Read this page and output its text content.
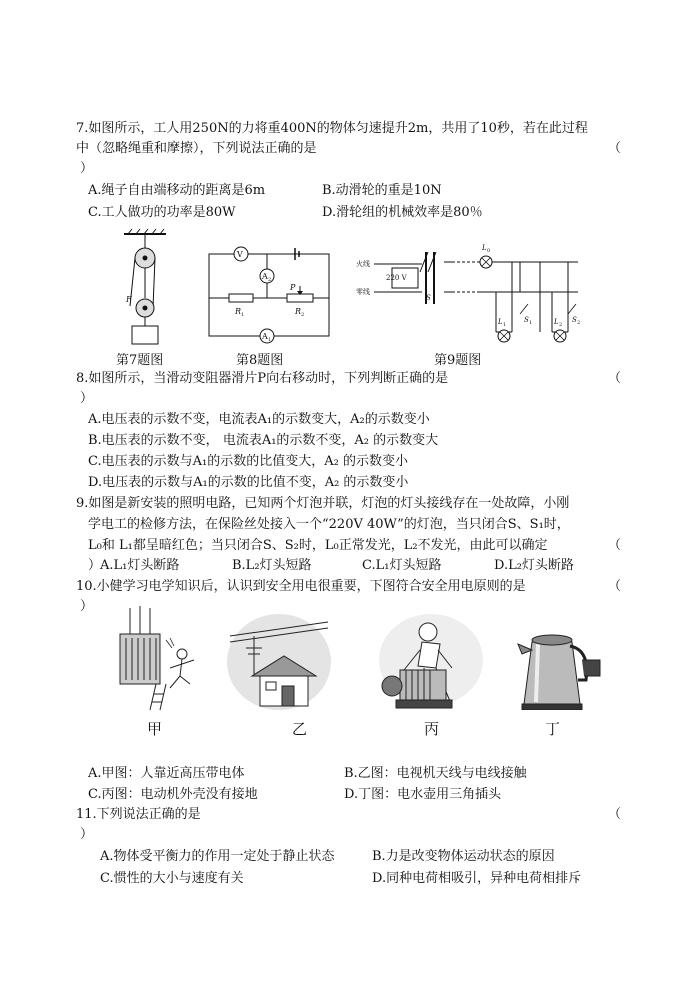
7.如图所示，工人用250N的力将重400N的物体匀速提升2m，共用了10秒，若在此过程
中（忽略绳重和摩擦），下列说法正确的是	（
）
A.绳子自由端移动的距离是6m	B.动滑轮的重是10N
C.工人做功的功率是80W	D.滑轮组的机械效率是80％
F
第7题图
V
A 2
A 1
R 1	R 2
P
第8题图
火线
零线
220 V
S
L 0
L 1
S 1	L 2
S 2
第9题图
8.如图所示，当滑动变阻器滑片P向右移动时，下列判断正确的是	（
）
A.电压表的示数不变，电流表A₁的示数变大，A₂的示数变小
B.电压表的示数不变， 电流表A₁的示数不变，A₂ 的示数变大
C.电压表的示数与A₁的示数的比值变大，A₂ 的示数变小
D.电压表的示数与A₁的示数的比值不变，A₂ 的示数变小
9.如图是新安装的照明电路，已知两个灯泡并联，灯泡的灯头接线存在一处故障，小刚
学电工的检修方法，在保险丝处接入一个“220V 40W”的灯泡，当只闭合S、S₁时，
L₀和 L₁都呈暗红色；当只闭合S、S₂时，L₀正常发光，L₂不发光，由此可以确定	（
）
A.L₁灯头断路	B.L₂灯头短路	C.L₁灯头短路	D.L₂灯头断路
10.小健学习电学知识后，认识到安全用电很重要，下图符合安全用电原则的是	（
）
甲	乙	丙	丁
A.甲图：人靠近高压带电体	B.乙图：电视机天线与电线接触
C.丙图：电动机外壳没有接地	D.丁图：电水壶用三角插头
11.下列说法正确的是	（
）
A.物体受平衡力的作用一定处于静止状态	B.力是改变物体运动状态的原因
C.惯性的大小与速度有关	D.同种电荷相吸引，异种电荷相排斥
